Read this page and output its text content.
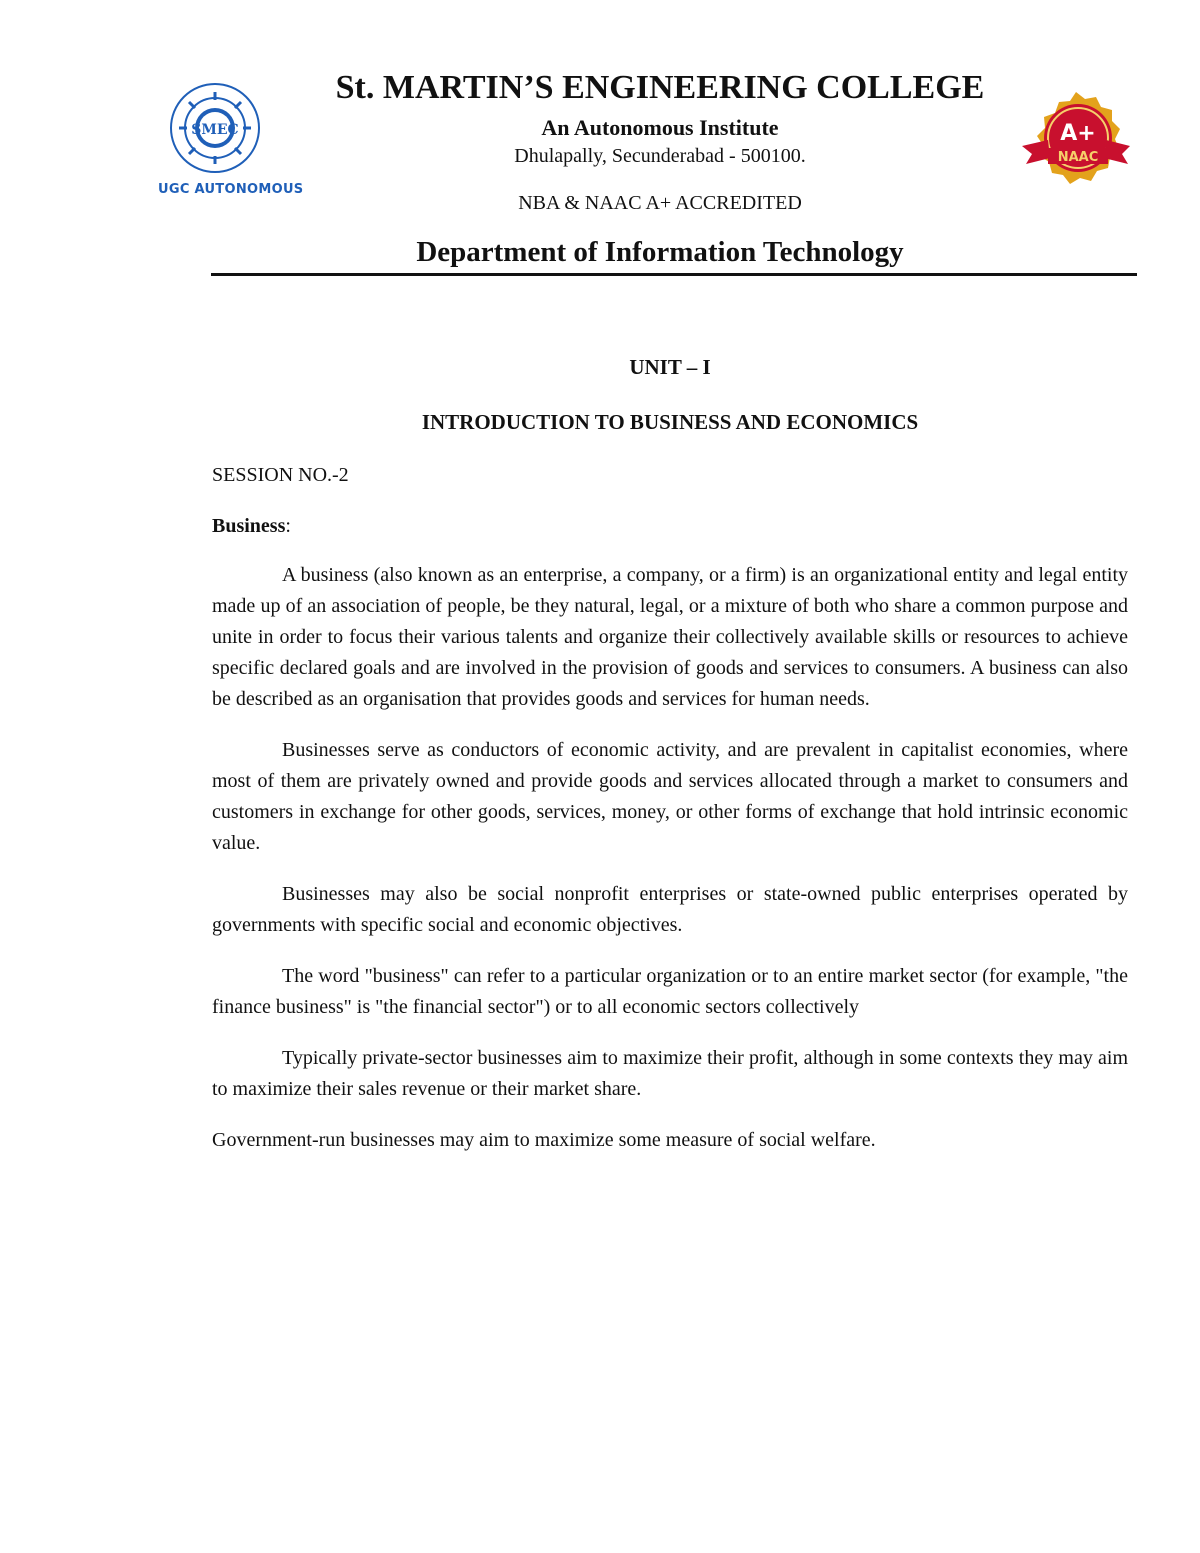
SMEC
UGC AUTONOMOUS
St. MARTIN’S ENGINEERING COLLEGE
An Autonomous Institute
Dhulapally, Secunderabad - 500100.
NBA & NAAC A+ ACCREDITED
Department of Information Technology
A+
NAAC

UNIT – I

INTRODUCTION TO BUSINESS AND ECONOMICS

SESSION NO.-2

Business:

A business (also known as an enterprise, a company, or a firm) is an organizational entity and legal entity made up of an association of people, be they natural, legal, or a mixture of both who share a common purpose and unite in order to focus their various talents and organize their collectively available skills or resources to achieve specific declared goals and are involved in the provision of goods and services to consumers. A business can also be described as an organisation that provides goods and services for human needs.

Businesses serve as conductors of economic activity, and are prevalent in capitalist economies, where most of them are privately owned and provide goods and services allocated through a market to consumers and customers in exchange for other goods, services, money, or other forms of exchange that hold intrinsic economic value.

Businesses may also be social nonprofit enterprises or state-owned public enterprises operated by governments with specific social and economic objectives.

The word "business" can refer to a particular organization or to an entire market sector (for example, "the finance business" is "the financial sector") or to all economic sectors collectively

Typically private-sector businesses aim to maximize their profit, although in some contexts they may aim to maximize their sales revenue or their market share.

Government-run businesses may aim to maximize some measure of social welfare.
